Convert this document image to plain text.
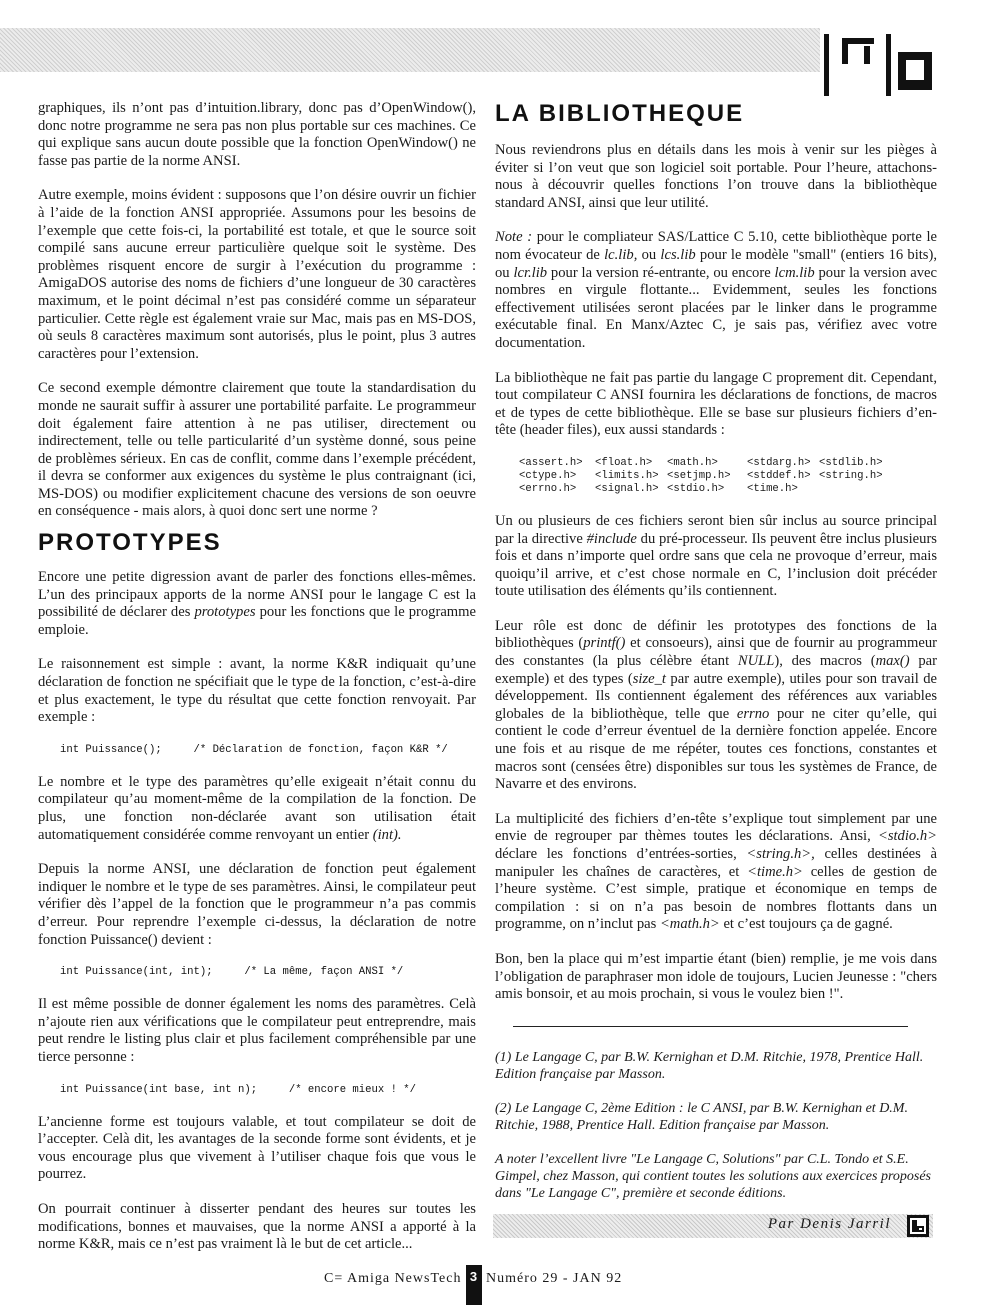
graphiques, ils n’ont pas d’intuition.library, donc pas d’OpenWindow(), donc notre programme ne sera pas non plus portable sur ces machines. Ce qui explique sans aucun doute possible que la fonction OpenWindow() ne fasse pas partie de la norme ANSI.

Autre exemple, moins évident : supposons que l’on désire ouvrir un fichier à l’aide de la fonction ANSI appropriée. Assumons pour les besoins de l’exemple que cette fois-ci, la portabilité est totale, et que le source soit compilé sans aucune erreur particulière quelque soit le système. Des problèmes risquent encore de surgir à l’exécution du programme : AmigaDOS autorise des noms de fichiers d’une longueur de 30 caractères maximum, et le point décimal n’est pas considéré comme un séparateur particulier. Cette règle est également vraie sur Mac, mais pas en MS-DOS, où seuls 8 caractères maximum sont autorisés, plus le point, plus 3 autres caractères pour l’extension.

Ce second exemple démontre clairement que toute la standardisation du monde ne saurait suffir à assurer une portabilité parfaite. Le programmeur doit également faire attention à ne pas utiliser, directement ou indirectement, telle ou telle particularité d’un système donné, sous peine de problèmes sérieux. En cas de conflit, comme dans l’exemple précédent, il devra se conformer aux exigences du système le plus contraignant (ici, MS-DOS) ou modifier explicitement chacune des versions de son oeuvre en conséquence - mais alors, à quoi donc sert une norme ?

PROTOTYPES

Encore une petite digression avant de parler des fonctions elles-mêmes. L’un des principaux apports de la norme ANSI pour le langage C est la possibilité de déclarer des prototypes pour les fonctions que le programme emploie.

Le raisonnement est simple : avant, la norme K&R indiquait qu’une déclaration de fonction ne spécifiait que le type de la fonction, c’est-à-dire et plus exactement, le type du résultat que cette fonction renvoyait. Par exemple :

int Puissance();     /* Déclaration de fonction, façon K&R */

Le nombre et le type des paramètres qu’elle exigeait n’était connu du compilateur qu’au moment-même de la compilation de la fonction. De plus, une fonction non-déclarée avant son utilisation était automatiquement considérée comme renvoyant un entier (int).

Depuis la norme ANSI, une déclaration de fonction peut également indiquer le nombre et le type de ses paramètres. Ainsi, le compilateur peut vérifier dès l’appel de la fonction que le programmeur n’a pas commis d’erreur. Pour reprendre l’exemple ci-dessus, la déclaration de notre fonction Puissance() devient :

int Puissance(int, int);     /* La même, façon ANSI */

Il est même possible de donner également les noms des paramètres. Celà n’ajoute rien aux vérifications que le compilateur peut entreprendre, mais peut rendre le listing plus clair et plus facilement compréhensible par une tierce personne :

int Puissance(int base, int n);     /* encore mieux ! */

L’ancienne forme est toujours valable, et tout compilateur se doit de l’accepter. Celà dit, les avantages de la seconde forme sont évidents, et je vous encourage plus que vivement à l’utiliser chaque fois que vous le pourrez.

On pourrait continuer à disserter pendant des heures sur toutes les modifications, bonnes et mauvaises, que la norme ANSI a apporté à la norme K&R, mais ce n’est pas vraiment là le but de cet article...

LA BIBLIOTHEQUE

Nous reviendrons plus en détails dans les mois à venir sur les pièges à éviter si l’on veut que son logiciel soit portable. Pour l’heure, attachons-nous à découvrir quelles fonctions l’on trouve dans la bibliothèque standard ANSI, ainsi que leur utilité.

Note : pour le compliateur SAS/Lattice C 5.10, cette bibliothèque porte le nom évocateur de lc.lib, ou lcs.lib pour le modèle "small" (entiers 16 bits), ou lcr.lib pour la version ré-entrante, ou encore lcm.lib pour la version avec nombres en virgule flottante... Evidemment, seules les fonctions effectivement utilisées seront placées par le linker dans le programme exécutable final. En Manx/Aztec C, je sais pas, vérifiez avec votre documentation.

La bibliothèque ne fait pas partie du langage C proprement dit. Cependant, tout compilateur C ANSI fournira les déclarations de fonctions, de macros et de types de cette bibliothèque. Elle se base sur plusieurs fichiers d’en-tête (header files), eux aussi standards :

<assert.h>	<float.h>	<math.h>	<stdarg.h> <stdlib.h>
<ctype.h>	<limits.h> <setjmp.h>	<stddef.h> <string.h>
<errno.h>	<signal.h> <stdio.h>	<time.h>

Un ou plusieurs de ces fichiers seront bien sûr inclus au source principal par la directive #include du pré-processeur. Ils peuvent être inclus plusieurs fois et dans n’importe quel ordre sans que cela ne provoque d’erreur, mais quoiqu’il arrive, et c’est chose normale en C, l’inclusion doit précéder toute utilisation des éléments qu’ils contiennent.

Leur rôle est donc de définir les prototypes des fonctions de la bibliothèques (printf() et consoeurs), ainsi que de fournir au programmeur des constantes (la plus célèbre étant NULL), des macros (max() par exemple) et des types (size_t par autre exemple), utiles pour son travail de développement. Ils contiennent également des références aux variables globales de la bibliothèque, telle que errno pour ne citer qu’elle, qui contient le code d’erreur éventuel de la dernière fonction appelée. Encore une fois et au risque de me répéter, toutes ces fonctions, constantes et macros sont (censées être) disponibles sur tous les systèmes de France, de Navarre et des environs.

La multiplicité des fichiers d’en-tête s’explique tout simplement par une envie de regrouper par thèmes toutes les déclarations. Ansi, <stdio.h> déclare les fonctions d’entrées-sorties, <string.h>, celles destinées à manipuler les chaînes de caractères, et <time.h> celles de gestion de l’heure système. C’est simple, pratique et économique en temps de compilation : si on n’a pas besoin de nombres flottants dans un programme, on n’inclut pas <math.h> et c’est toujours ça de gagné.

Bon, ben la place qui m’est impartie étant (bien) remplie, je me vois dans l’obligation de paraphraser mon idole de toujours, Lucien Jeunesse : "chers amis bonsoir, et au mois prochain, si vous le voulez bien !".

(1) Le Langage C, par B.W. Kernighan et D.M. Ritchie, 1978, Prentice Hall. Edition française par Masson.

(2) Le Langage C, 2ème Edition : le C ANSI, par B.W. Kernighan et D.M. Ritchie, 1988, Prentice Hall. Edition française par Masson.

A noter l’excellent livre "Le Langage C, Solutions" par C.L. Tondo et S.E. Gimpel, chez Masson, qui contient toutes les solutions aux exercices proposés dans "Le Langage C", première et seconde éditions.

Par Denis Jarril
C= Amiga NewsTech 3 Numéro 29 - JAN 92
